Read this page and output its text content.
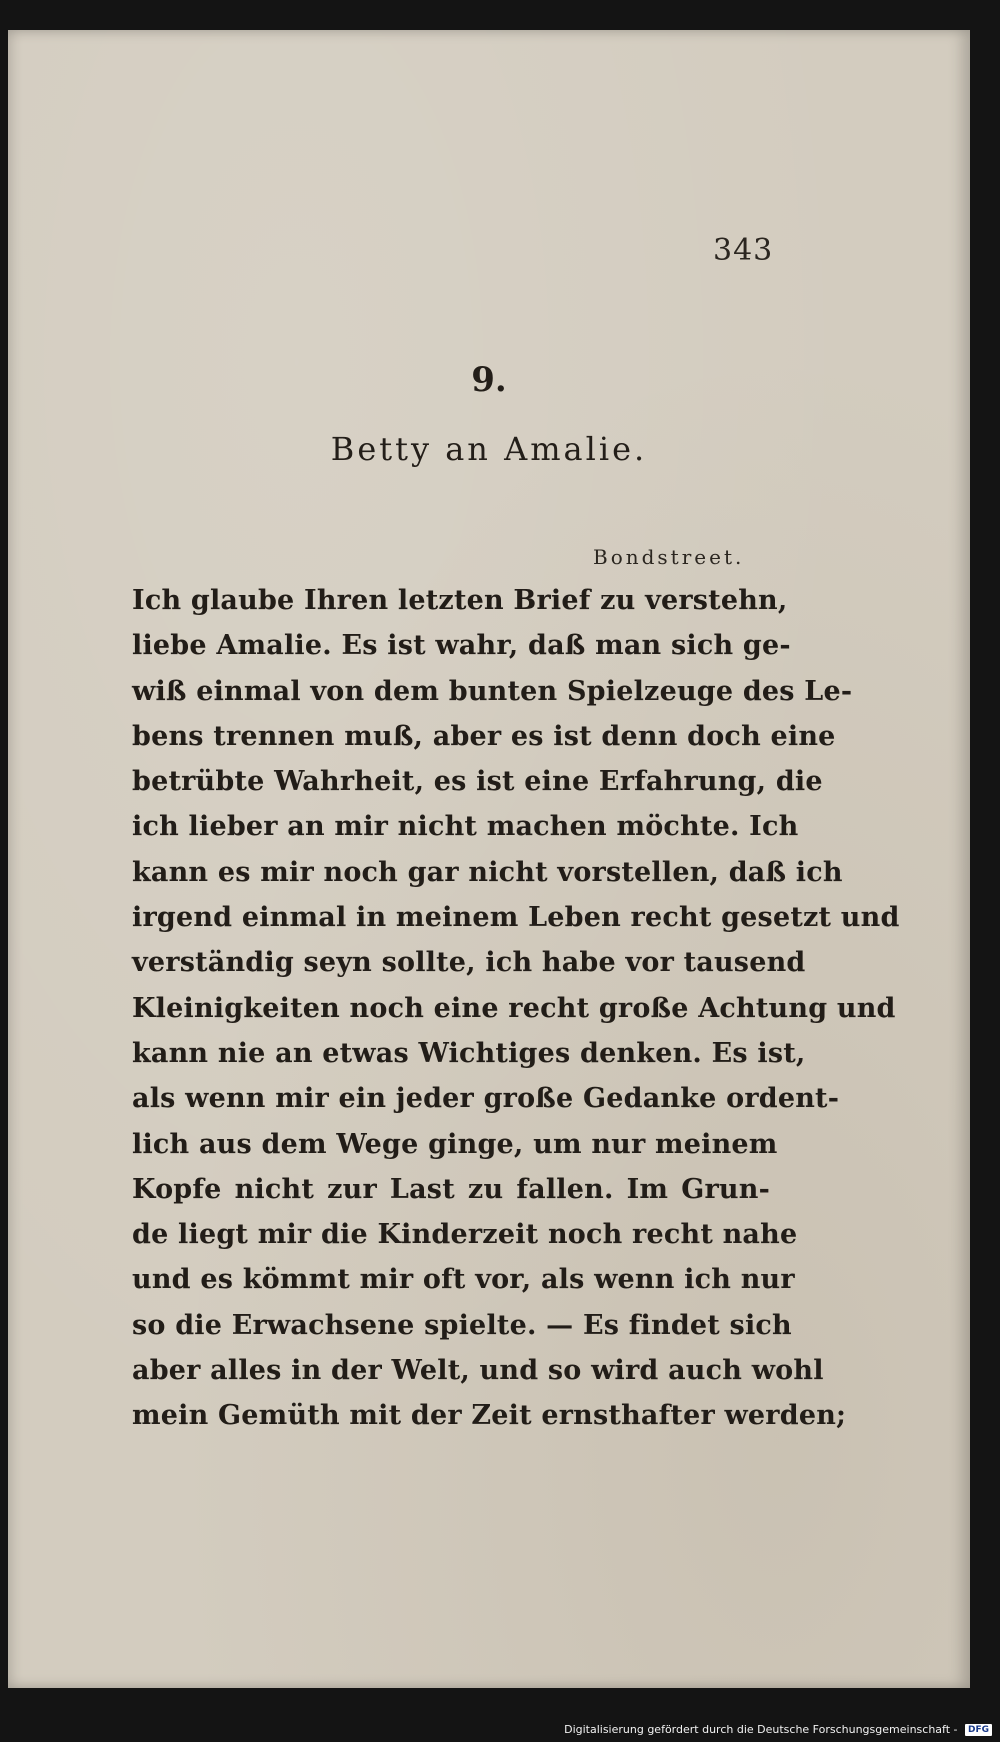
343
9.
Betty an Amalie.
Bondstreet.
Ich glaube Ihren letzten Brief zu verstehn,
liebe Amalie. Es ist wahr, daß man sich ge-
wiß einmal von dem bunten Spielzeuge des Le-
bens trennen muß, aber es ist denn doch eine
betrübte Wahrheit, es ist eine Erfahrung, die
ich lieber an mir nicht machen möchte. Ich
kann es mir noch gar nicht vorstellen, daß ich
irgend einmal in meinem Leben recht gesetzt und
verständig seyn sollte, ich habe vor tausend
Kleinigkeiten noch eine recht große Achtung und
kann nie an etwas Wichtiges denken. Es ist,
als wenn mir ein jeder große Gedanke ordent-
lich aus dem Wege ginge, um nur meinem
Kopfe nicht zur Last zu fallen. Im Grun-
de liegt mir die Kinderzeit noch recht nahe
und es kömmt mir oft vor, als wenn ich nur
so die Erwachsene spielte. — Es findet sich
aber alles in der Welt, und so wird auch wohl
mein Gemüth mit der Zeit ernsthafter werden;
Digitalisierung gefördert durch die Deutsche Forschungsgemeinschaft - DFG
